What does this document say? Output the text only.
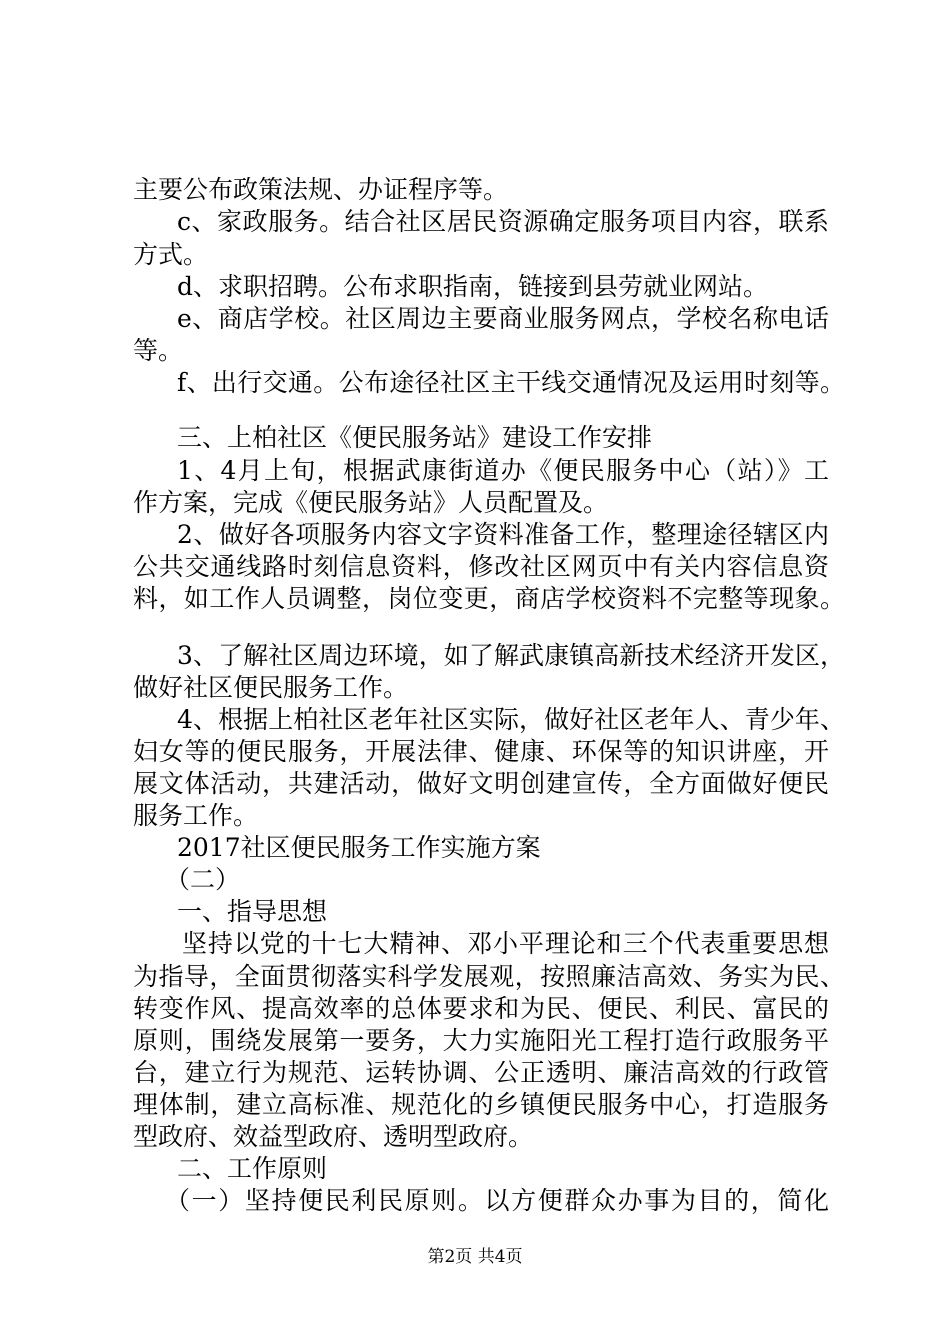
主要公布政策法规、办证程序等。
c、家政服务。结合社区居民资源确定服务项目内容，联系
方式。
d、求职招聘。公布求职指南，链接到县劳就业网站。
e、商店学校。社区周边主要商业服务网点，学校名称电话
等。
f、出行交通。公布途径社区主干线交通情况及运用时刻等。
三、上柏社区《便民服务站》建设工作安排
1、4月上旬，根据武康街道办《便民服务中心（站）》工
作方案，完成《便民服务站》人员配置及。
2、做好各项服务内容文字资料准备工作，整理途径辖区内
公共交通线路时刻信息资料，修改社区网页中有关内容信息资
料，如工作人员调整，岗位变更，商店学校资料不完整等现象。
3、了解社区周边环境，如了解武康镇高新技术经济开发区，
做好社区便民服务工作。
4、根据上柏社区老年社区实际，做好社区老年人、青少年、
妇女等的便民服务，开展法律、健康、环保等的知识讲座，开
展文体活动，共建活动，做好文明创建宣传，全方面做好便民
服务工作。
2017社区便民服务工作实施方案
（二）
一、指导思想
坚持以党的十七大精神、邓小平理论和三个代表重要思想
为指导，全面贯彻落实科学发展观，按照廉洁高效、务实为民、
转变作风、提高效率的总体要求和为民、便民、利民、富民的
原则，围绕发展第一要务，大力实施阳光工程打造行政服务平
台，建立行为规范、运转协调、公正透明、廉洁高效的行政管
理体制，建立高标准、规范化的乡镇便民服务中心，打造服务
型政府、效益型政府、透明型政府。
二、工作原则
（一）坚持便民利民原则。以方便群众办事为目的，简化
第2页 共4页
